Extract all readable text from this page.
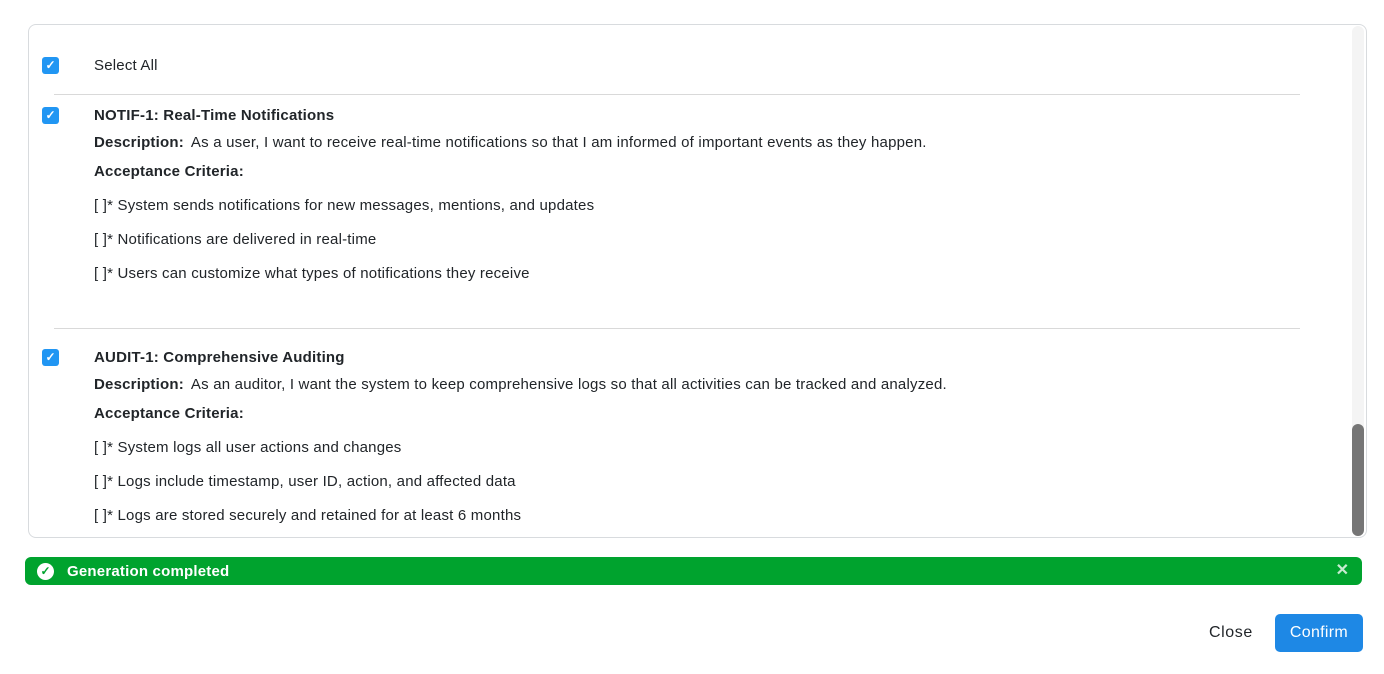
✓	Select All
✓	NOTIF-1: Real-Time Notifications

Description: As a user, I want to receive real-time notifications so that I am informed of important events as they happen.

Acceptance Criteria:

[ ]* System sends notifications for new messages, mentions, and updates

[ ]* Notifications are delivered in real-time

[ ]* Users can customize what types of notifications they receive

✓	AUDIT-1: Comprehensive Auditing

Description: As an auditor, I want the system to keep comprehensive logs so that all activities can be tracked and analyzed.

Acceptance Criteria:

[ ]* System logs all user actions and changes

[ ]* Logs include timestamp, user ID, action, and affected data

[ ]* Logs are stored securely and retained for at least 6 months

✓ Generation completed	✕
Close	Confirm
